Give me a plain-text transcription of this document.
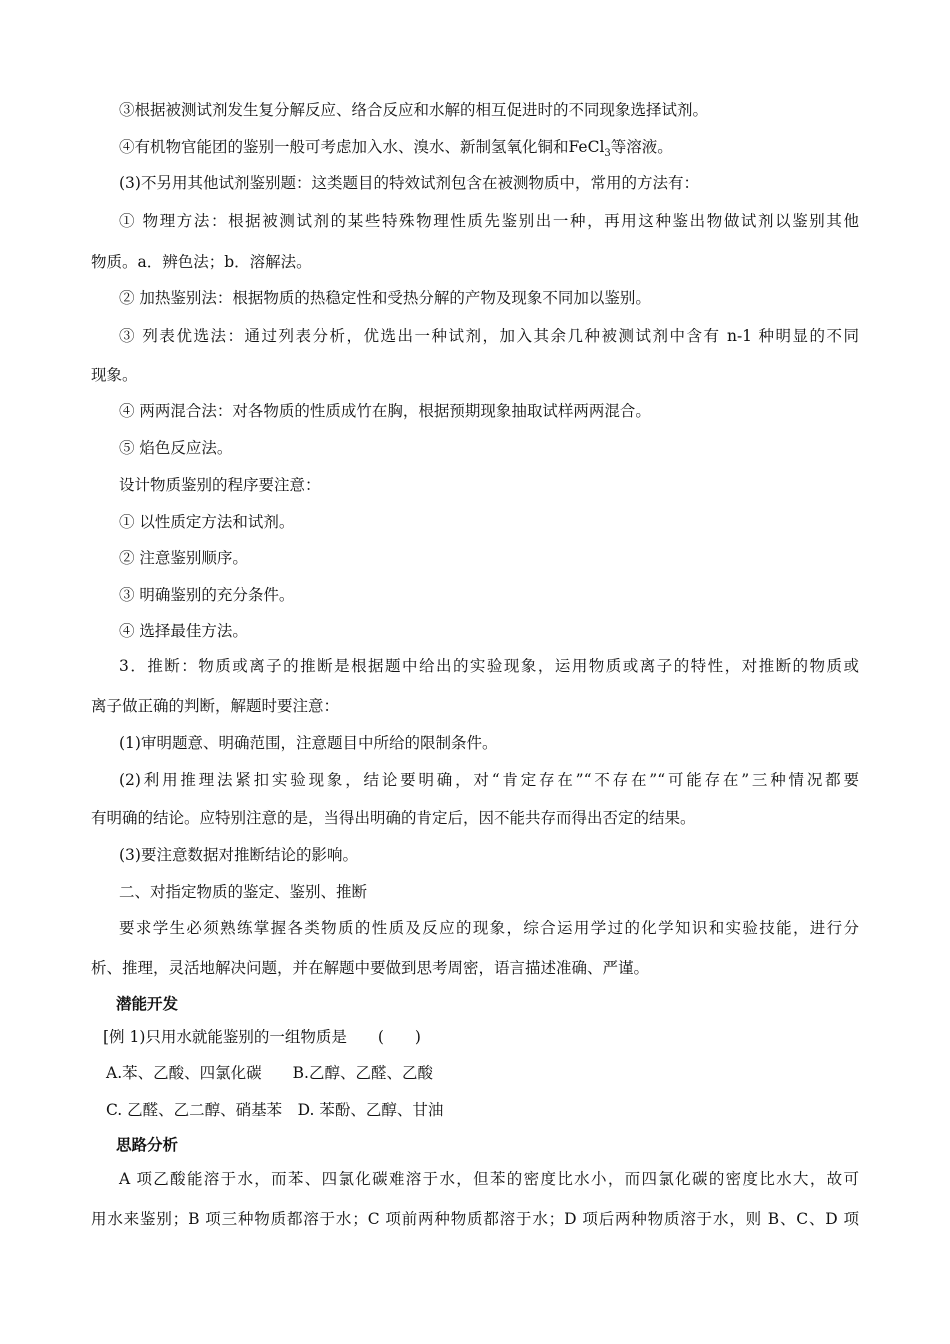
③根据被测试剂发生复分解反应、络合反应和水解的相互促进时的不同现象选择试剂。
④有机物官能团的鉴别一般可考虑加入水、溴水、新制氢氧化铜和FeCl$_3$等溶液。
(3)不另用其他试剂鉴别题：这类题目的特效试剂包含在被测物质中，常用的方法有：
① 物理方法：根据被测试剂的某些特殊物理性质先鉴别出一种，再用这种鉴出物做试剂以鉴别其他
物质。a．辨色法；b．溶解法。
② 加热鉴别法：根据物质的热稳定性和受热分解的产物及现象不同加以鉴别。
③ 列表优选法：通过列表分析，优选出一种试剂，加入其余几种被测试剂中含有 n-1 种明显的不同
现象。
④ 两两混合法：对各物质的性质成竹在胸，根据预期现象抽取试样两两混合。
⑤ 焰色反应法。
设计物质鉴别的程序要注意：
① 以性质定方法和试剂。
② 注意鉴别顺序。
③ 明确鉴别的充分条件。
④ 选择最佳方法。
3．推断：物质或离子的推断是根据题中给出的实验现象，运用物质或离子的特性，对推断的物质或
离子做正确的判断，解题时要注意：
(1)审明题意、明确范围，注意题目中所给的限制条件。
(2)利用推理法紧扣实验现象，结论要明确，对“肯定存在”“不存在”“可能存在”三种情况都要
有明确的结论。应特别注意的是，当得出明确的肯定后，因不能共存而得出否定的结果。
(3)要注意数据对推断结论的影响。
二、对指定物质的鉴定、鉴别、推断
要求学生必须熟练掌握各类物质的性质及反应的现象，综合运用学过的化学知识和实验技能，进行分
析、推理，灵活地解决问题，并在解题中要做到思考周密，语言描述准确、严谨。
潜能开发
[例 1)只用水就能鉴别的一组物质是　　(　　)
A.苯、乙酸、四氯化碳　　B.乙醇、乙醛、乙酸
C. 乙醛、乙二醇、硝基苯　D. 苯酚、乙醇、甘油
思路分析
A 项乙酸能溶于水，而苯、四氯化碳难溶于水，但苯的密度比水小，而四氯化碳的密度比水大，故可
用水来鉴别；B 项三种物质都溶于水；C 项前两种物质都溶于水；D 项后两种物质溶于水，则 B、C、D 项
